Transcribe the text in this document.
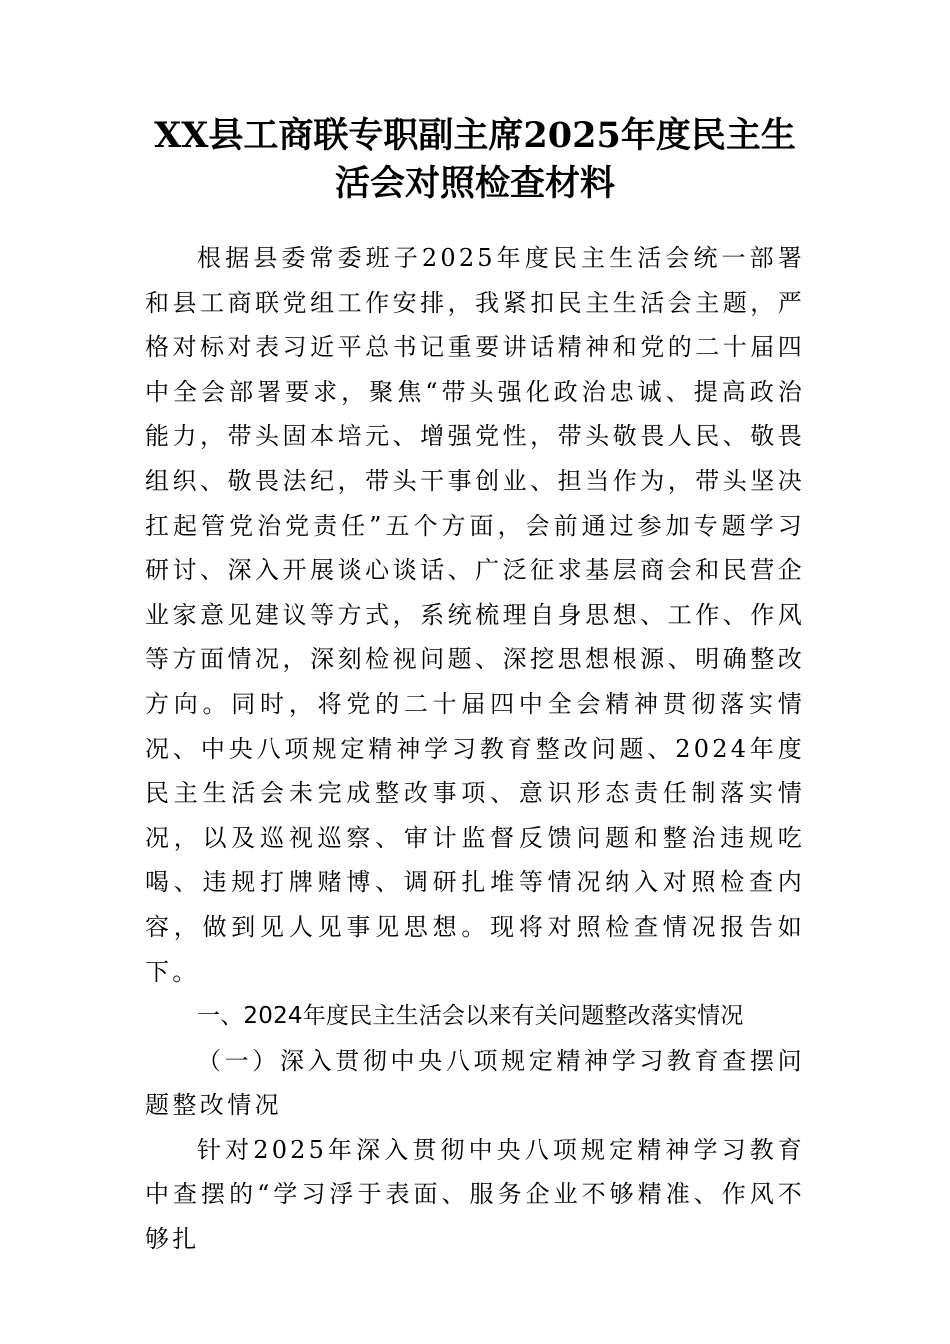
XX县工商联专职副主席2025年度民主生
活会对照检查材料

根据县委常委班子2025年度民主生活会统一部署和县工商联党组工作安排，我紧扣民主生活会主题，严格对标对表习近平总书记重要讲话精神和党的二十届四中全会部署要求，聚焦“带头强化政治忠诚、提高政治能力，带头固本培元、增强党性，带头敬畏人民、敬畏组织、敬畏法纪，带头干事创业、担当作为，带头坚决扛起管党治党责任”五个方面，会前通过参加专题学习研讨、深入开展谈心谈话、广泛征求基层商会和民营企业家意见建议等方式，系统梳理自身思想、工作、作风等方面情况，深刻检视问题、深挖思想根源、明确整改方向。同时，将党的二十届四中全会精神贯彻落实情况、中央八项规定精神学习教育整改问题、2024年度民主生活会未完成整改事项、意识形态责任制落实情况，以及巡视巡察、审计监督反馈问题和整治违规吃喝、违规打牌赌博、调研扎堆等情况纳入对照检查内容，做到见人见事见思想。现将对照检查情况报告如下。

一、2024年度民主生活会以来有关问题整改落实情况

（一）深入贯彻中央八项规定精神学习教育查摆问题整改情况

针对2025年深入贯彻中央八项规定精神学习教育中查摆的“学习浮于表面、服务企业不够精准、作风不够扎
